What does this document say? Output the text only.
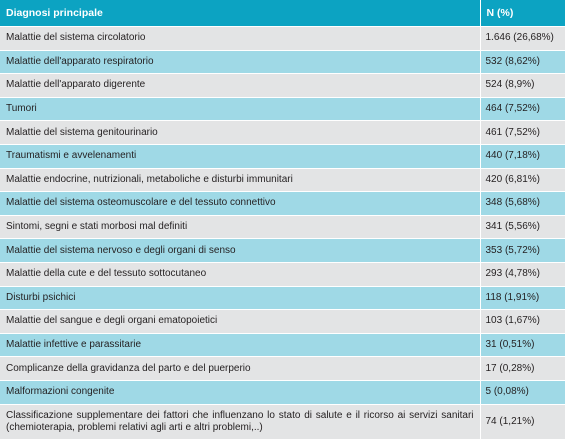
Diagnosi principale	N (%)
Malattie del sistema circolatorio	1.646 (26,68%)
Malattie dell'apparato respiratorio	532 (8,62%)
Malattie dell'apparato digerente	524 (8,9%)
Tumori	464 (7,52%)
Malattie del sistema genitourinario	461 (7,52%)
Traumatismi e avvelenamenti	440 (7,18%)
Malattie endocrine, nutrizionali, metaboliche e disturbi immunitari	420 (6,81%)
Malattie del sistema osteomuscolare e del tessuto connettivo	348 (5,68%)
Sintomi, segni e stati morbosi mal definiti	341 (5,56%)
Malattie del sistema nervoso e degli organi di senso	353 (5,72%)
Malattie della cute e del tessuto sottocutaneo	293 (4,78%)
Disturbi psichici	118 (1,91%)
Malattie del sangue e degli organi ematopoietici	103 (1,67%)
Malattie infettive e parassitarie	31 (0,51%)
Complicanze della gravidanza del parto e del puerperio	17 (0,28%)
Malformazioni congenite	5 (0,08%)
Classificazione supplementare dei fattori che influenzano lo stato di salute e il ricorso ai servizi sanitari (chemioterapia, problemi relativi agli arti e altri problemi,..)	74 (1,21%)
